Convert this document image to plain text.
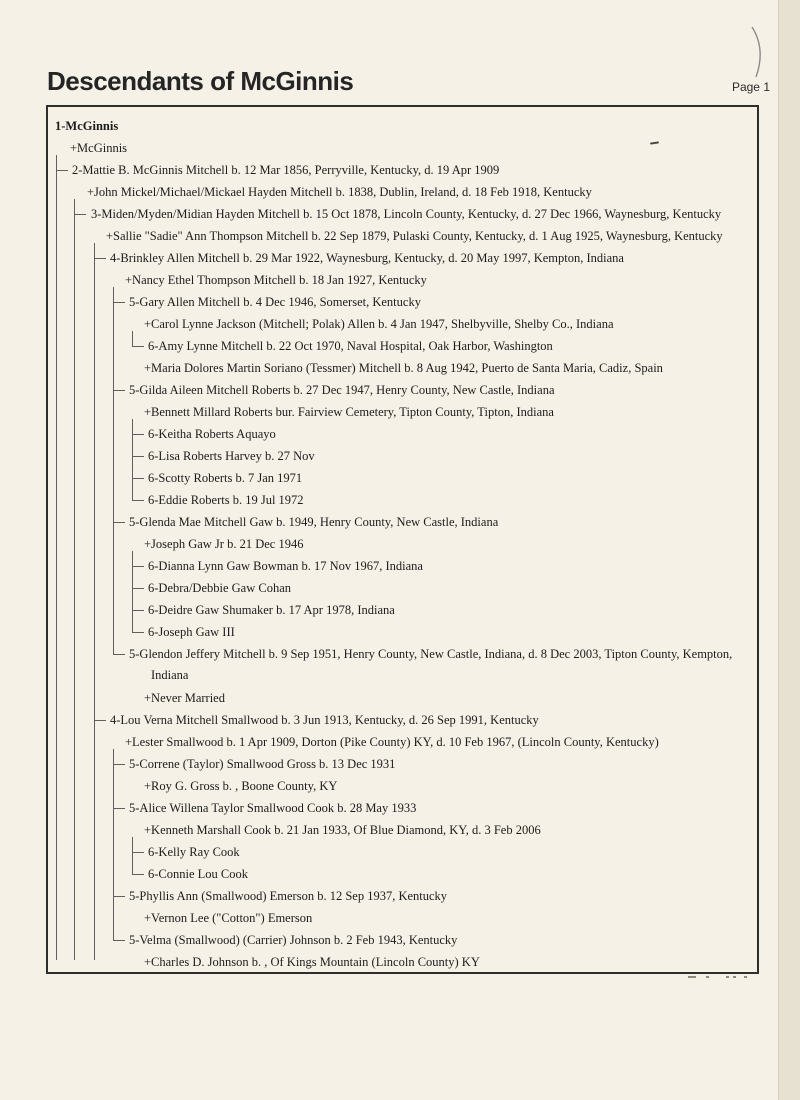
Descendants of McGinnis	Page 1
1-McGinnis
+McGinnis
2-Mattie B. McGinnis Mitchell b. 12 Mar 1856, Perryville, Kentucky, d. 19 Apr 1909
+John Mickel/Michael/Mickael Hayden Mitchell b. 1838, Dublin, Ireland, d. 18 Feb 1918, Kentucky
3-Miden/Myden/Midian Hayden Mitchell b. 15 Oct 1878, Lincoln County, Kentucky, d. 27 Dec 1966, Waynesburg, Kentucky
+Sallie "Sadie" Ann Thompson Mitchell b. 22 Sep 1879, Pulaski County, Kentucky, d. 1 Aug 1925, Waynesburg, Kentucky
4-Brinkley Allen Mitchell b. 29 Mar 1922, Waynesburg, Kentucky, d. 20 May 1997, Kempton, Indiana
+Nancy Ethel Thompson Mitchell b. 18 Jan 1927, Kentucky
5-Gary Allen Mitchell b. 4 Dec 1946, Somerset, Kentucky
+Carol Lynne Jackson (Mitchell; Polak) Allen b. 4 Jan 1947, Shelbyville, Shelby Co., Indiana
6-Amy Lynne Mitchell b. 22 Oct 1970, Naval Hospital, Oak Harbor, Washington
+Maria Dolores Martin Soriano (Tessmer) Mitchell b. 8 Aug 1942, Puerto de Santa Maria, Cadiz, Spain
5-Gilda Aileen Mitchell Roberts b. 27 Dec 1947, Henry County, New Castle, Indiana
+Bennett Millard Roberts bur. Fairview Cemetery, Tipton County, Tipton, Indiana
6-Keitha Roberts Aquayo
6-Lisa Roberts Harvey b. 27 Nov
6-Scotty Roberts b. 7 Jan 1971
6-Eddie Roberts b. 19 Jul 1972
5-Glenda Mae Mitchell Gaw b. 1949, Henry County, New Castle, Indiana
+Joseph Gaw Jr b. 21 Dec 1946
6-Dianna Lynn Gaw Bowman b. 17 Nov 1967, Indiana
6-Debra/Debbie Gaw Cohan
6-Deidre Gaw Shumaker b. 17 Apr 1978, Indiana
6-Joseph Gaw III
5-Glendon Jeffery Mitchell b. 9 Sep 1951, Henry County, New Castle, Indiana, d. 8 Dec 2003, Tipton County, Kempton, Indiana
+Never Married
4-Lou Verna Mitchell Smallwood b. 3 Jun 1913, Kentucky, d. 26 Sep 1991, Kentucky
+Lester Smallwood b. 1 Apr 1909, Dorton (Pike County) KY, d. 10 Feb 1967, (Lincoln County, Kentucky)
5-Correne (Taylor) Smallwood Gross b. 13 Dec 1931
+Roy G. Gross b. , Boone County, KY
5-Alice Willena Taylor Smallwood Cook b. 28 May 1933
+Kenneth Marshall Cook b. 21 Jan 1933, Of Blue Diamond, KY, d. 3 Feb 2006
6-Kelly Ray Cook
6-Connie Lou Cook
5-Phyllis Ann (Smallwood) Emerson b. 12 Sep 1937, Kentucky
+Vernon Lee ("Cotton") Emerson
5-Velma (Smallwood) (Carrier) Johnson b. 2 Feb 1943, Kentucky
+Charles D. Johnson b. , Of Kings Mountain (Lincoln County) KY
